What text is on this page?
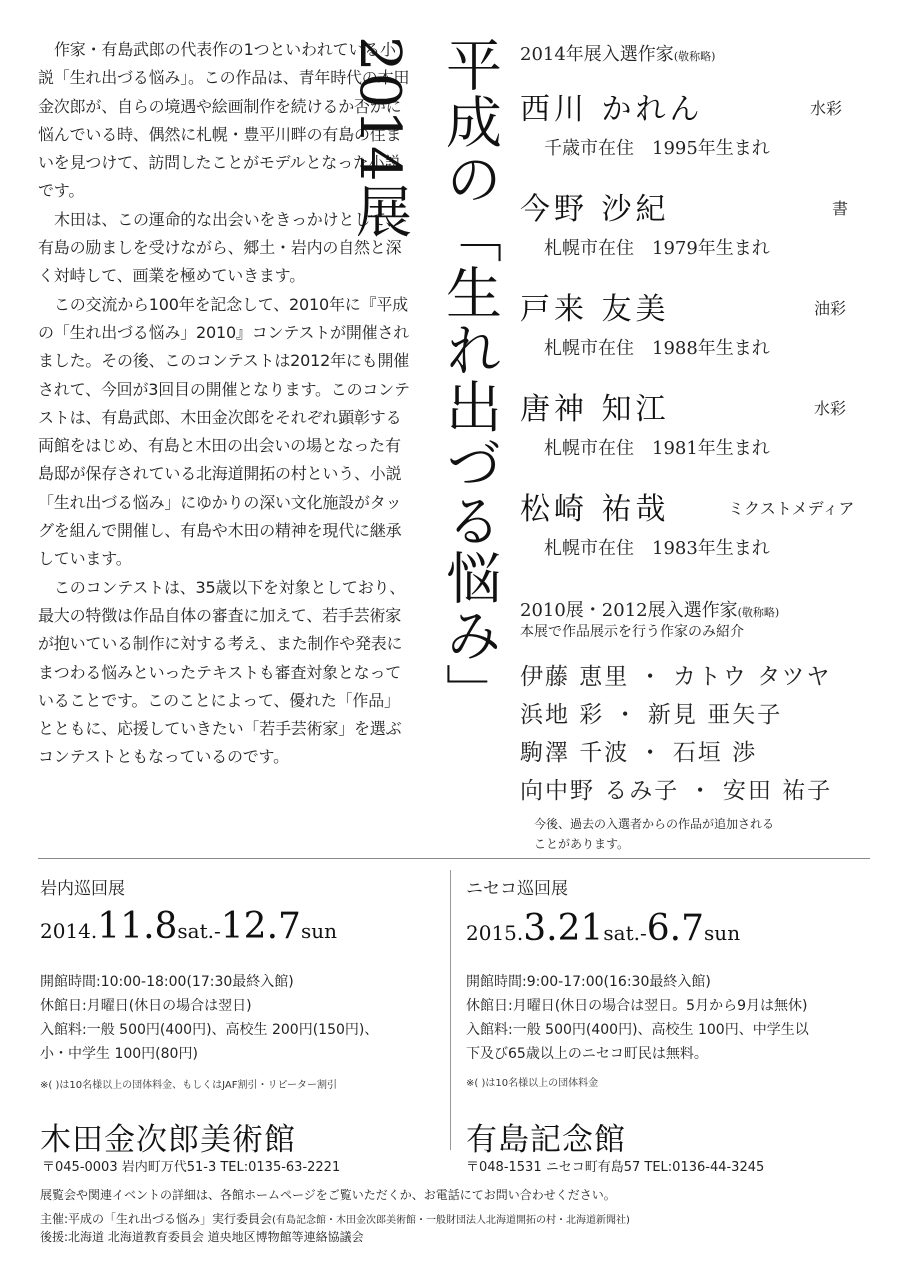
作家・有島武郎の代表作の1つといわれている小説「生れ出づる悩み」。この作品は、青年時代の木田金次郎が、自らの境遇や絵画制作を続けるか否かに悩んでいる時、偶然に札幌・豊平川畔の有島の住まいを見つけて、訪問したことがモデルとなった小説です。

木田は、この運命的な出会いをきっかけとして、有島の励ましを受けながら、郷土・岩内の自然と深く対峙して、画業を極めていきます。

この交流から100年を記念して、2010年に『平成の「生れ出づる悩み」2010』コンテストが開催されました。その後、このコンテストは2012年にも開催されて、今回が3回目の開催となります。このコンテストは、有島武郎、木田金次郎をそれぞれ顕彰する両館をはじめ、有島と木田の出会いの場となった有島邸が保存されている北海道開拓の村という、小説「生れ出づる悩み」にゆかりの深い文化施設がタッグを組んで開催し、有島や木田の精神を現代に継承しています。

このコンテストは、35歳以下を対象としており、最大の特徴は作品自体の審査に加えて、若手芸術家が抱いている制作に対する考え、また制作や発表にまつわる悩みといったテキストも審査対象となっていることです。このことによって、優れた「作品」とともに、応援していきたい「若手芸術家」を選ぶコンテストともなっているのです。

平成の「生れ出づる悩み」2014展	2014年展入選作家(敬称略)
西川 かれん	水彩
千歳市在住　 1995年生まれ
今野 沙紀	書
札幌市在住　 1979年生まれ
戸来 友美	油彩
札幌市在住　 1988年生まれ
唐神 知江	水彩
札幌市在住　 1981年生まれ
松崎 祐哉	ミクストメディア
札幌市在住　 1983年生まれ
2010展・2012展入選作家(敬称略)
本展で作品展示を行う作家のみ紹介
伊藤 恵里 ・ カトウ タツヤ
浜地 彩 ・ 新見 亜矢子
駒澤 千波 ・ 石垣 渉
向中野 るみ子 ・ 安田 祐子
今後、過去の入選者からの作品が追加される
ことがあります。
岩内巡回展
2014.11.8sat.-12.7sun
開館時間:10:00-18:00(17:30最終入館)
休館日:月曜日(休日の場合は翌日)
入館料:一般 500円(400円)、高校生 200円(150円)、
小・中学生 100円(80円)
※( )は10名様以上の団体料金、もしくはJAF割引・リピーター割引
木田金次郎美術館
〒045-0003 岩内町万代51-3 TEL:0135-63-2221
ニセコ巡回展
2015.3.21sat.-6.7sun
開館時間:9:00-17:00(16:30最終入館)
休館日:月曜日(休日の場合は翌日。5月から9月は無休)
入館料:一般 500円(400円)、高校生 100円、中学生以
下及び65歳以上のニセコ町民は無料。
※( )は10名様以上の団体料金
有島記念館
〒048-1531 ニセコ町有島57 TEL:0136-44-3245
展覧会や関連イベントの詳細は、各館ホームページをご覧いただくか、お電話にてお問い合わせください。
主催:平成の「生れ出づる悩み」実行委員会(有島記念館・木田金次郎美術館・一般財団法人北海道開拓の村・北海道新聞社)
後援:北海道 北海道教育委員会 道央地区博物館等連絡協議会
